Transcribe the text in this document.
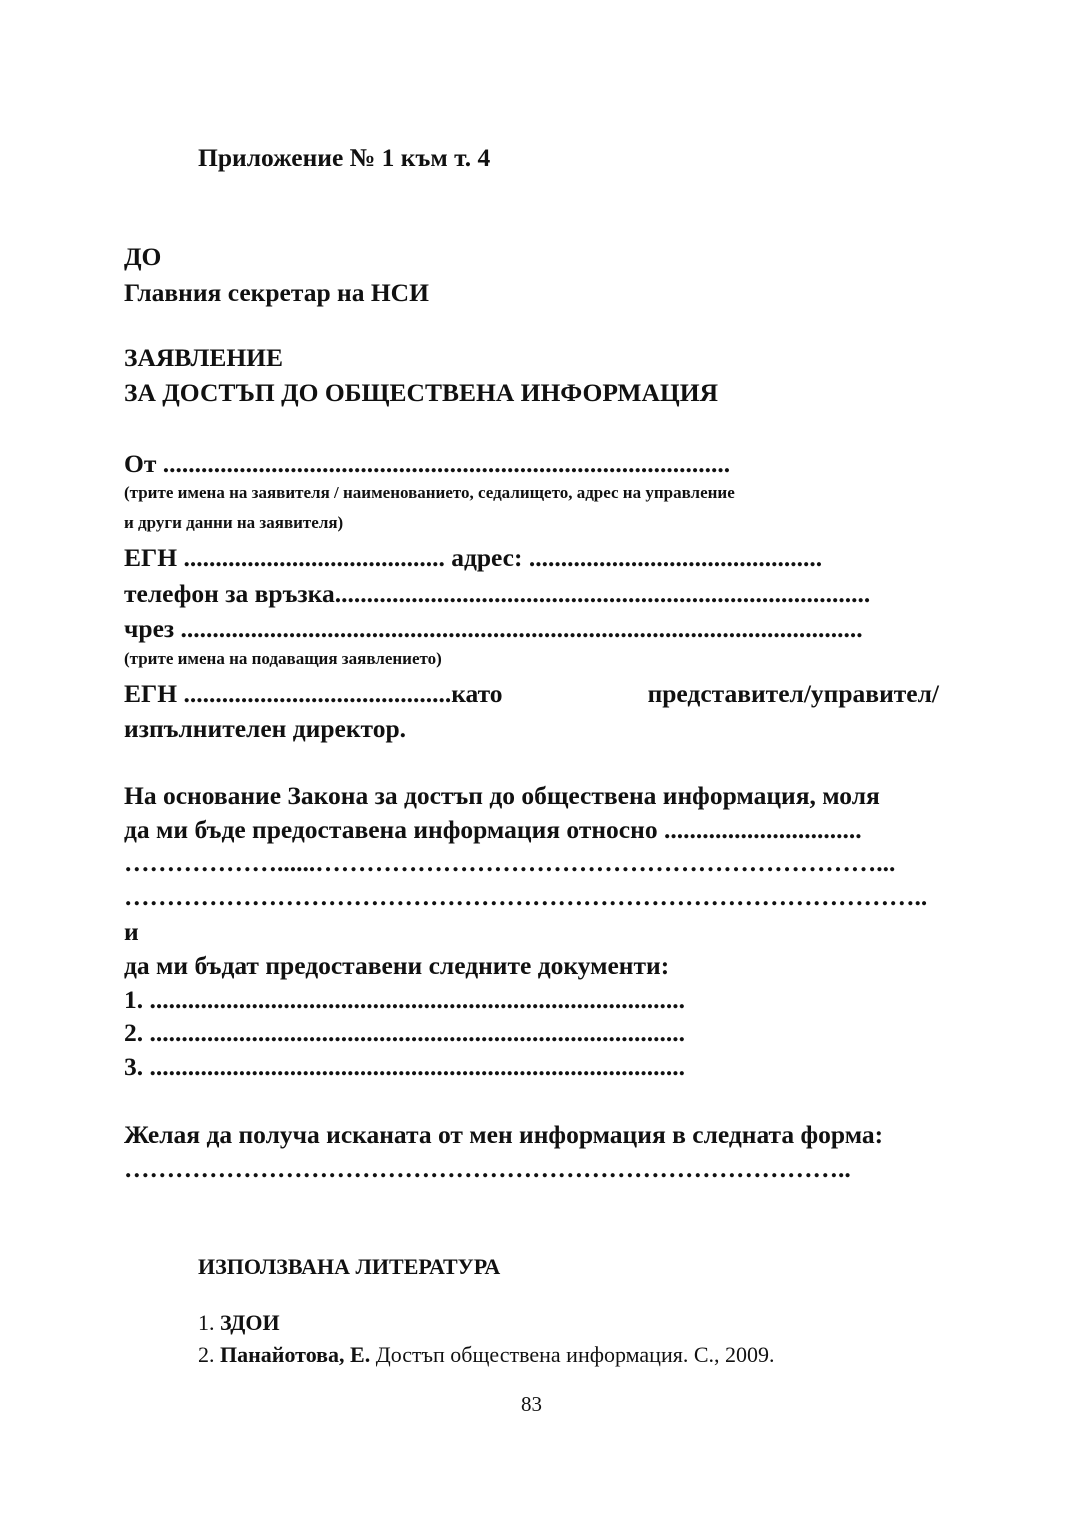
Приложение № 1 към т. 4

ДО

Главния секретар на НСИ

ЗАЯВЛЕНИЕ

ЗА ДОСТЪП ДО ОБЩЕСТВЕНА ИНФОРМАЦИЯ

От .........................................................................................

(трите имена на заявителя / наименованието, седалището, адрес на управление

и други данни на заявителя)

ЕГН ......................................... адрес: ..............................................

телефон за връзка....................................................................................

чрез ...........................................................................................................

(трите имена на подаващия заявлението)

ЕГН ..........................................като	представител/управител/

изпълнителен директор.

На основание Закона за достъп до обществена информация, моля

да ми бъде предоставена информация относно ...............................

………………......…………………………………………………………...

…………………………………………………………………………………..

и

да ми бъдат предоставени следните документи:

1. ....................................................................................

2. ....................................................................................

3. ....................................................................................

Желая да получа исканата от мен информация в следната форма:

…………………………………………………………………………..

ИЗПОЛЗВАНА ЛИТЕРАТУРА

1. ЗДОИ

2. Панайотова, Е. Достъп обществена информация. С., 2009.

83
